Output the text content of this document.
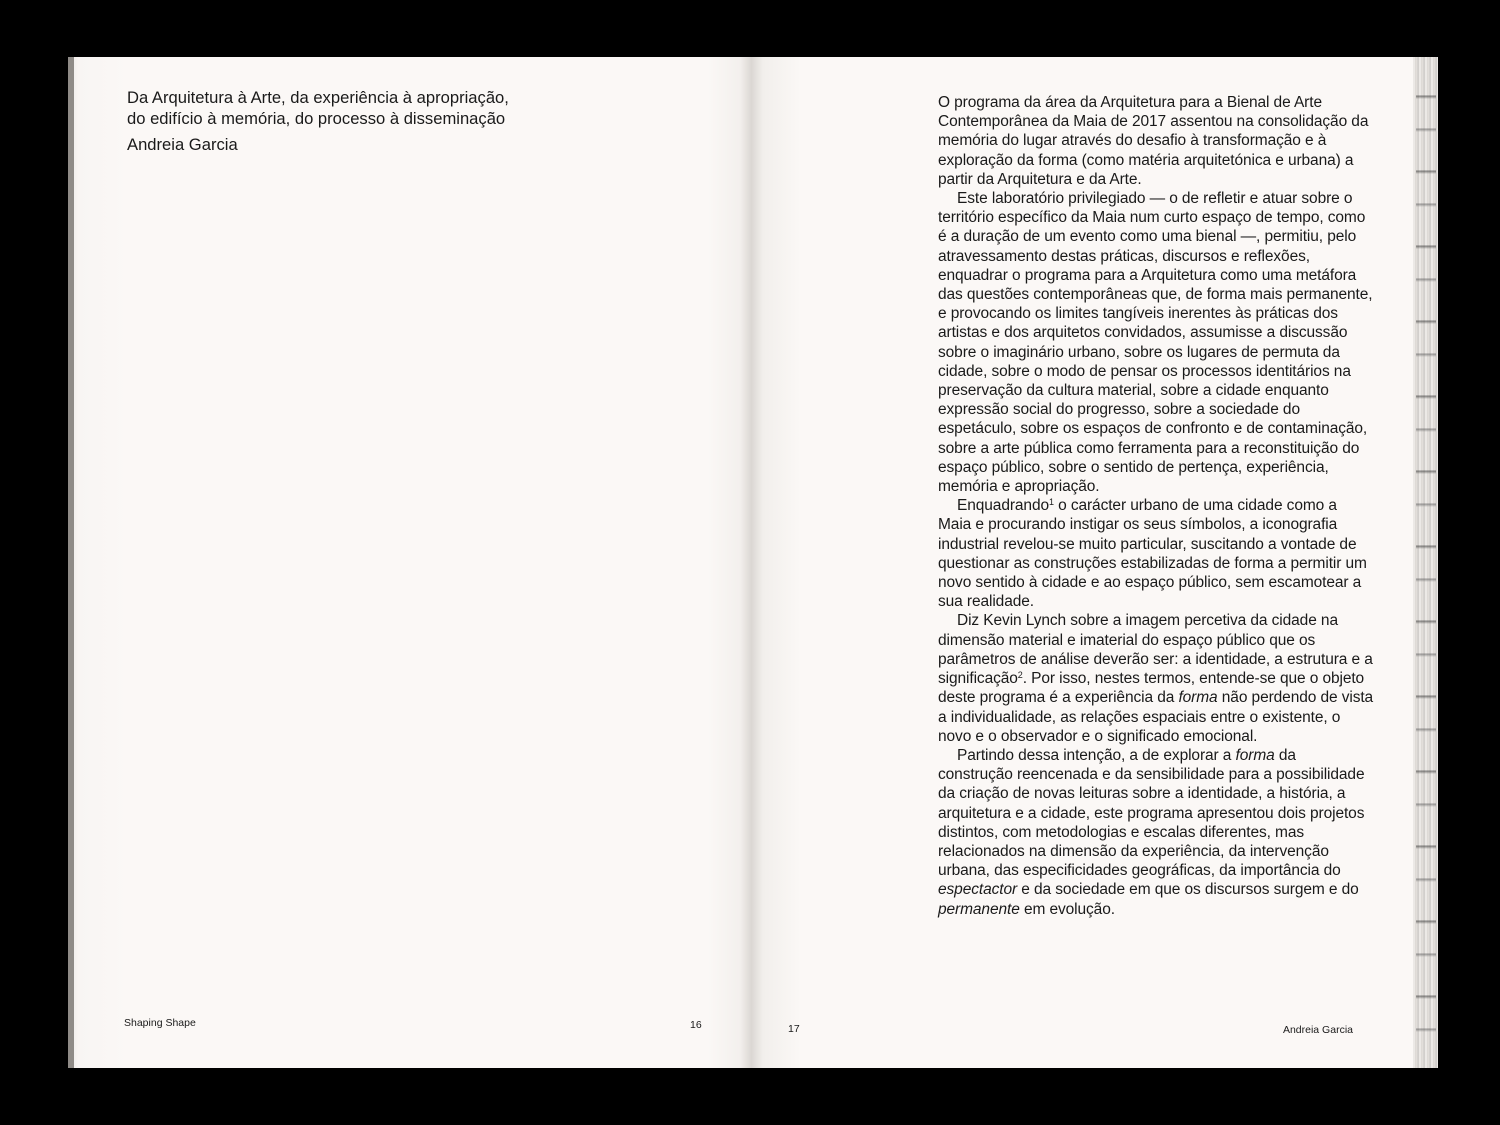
Da Arquitetura à Arte, da experiência à apropriação,
do edifício à memória, do processo à disseminação
Andreia Garcia
Shaping Shape	16

O programa da área da Arquitetura para a Bienal de Arte Contemporânea da Maia de 2017 assentou na consolidação da memória do lugar através do desafio à transformação e à exploração da forma (como matéria arquitetónica e urbana) a partir da Arquitetura e da Arte.

Este laboratório privilegiado — o de refletir e atuar sobre o território específico da Maia num curto espaço de tempo, como é a duração de um evento como uma bienal —, permitiu, pelo atravessamento destas práticas, discursos e reflexões, enquadrar o programa para a Arquitetura como uma metáfora das questões contemporâneas que, de forma mais permanente, e provocando os limites tangíveis inerentes às práticas dos artistas e dos arquitetos convidados, assumisse a discussão sobre o imaginário urbano, sobre os lugares de permuta da cidade, sobre o modo de pensar os processos identitários na preservação da cultura material, sobre a cidade enquanto expressão social do progresso, sobre a sociedade do espetáculo, sobre os espaços de confronto e de contaminação, sobre a arte pública como ferramenta para a reconstituição do espaço público, sobre o sentido de pertença, experiência, memória e apropriação.

Enquadrando$^1$ o carácter urbano de uma cidade como a Maia e procurando instigar os seus símbolos, a iconografia industrial revelou-se muito particular, suscitando a vontade de questionar as construções estabilizadas de forma a permitir um novo sentido à cidade e ao espaço público, sem escamotear a sua realidade.

Diz Kevin Lynch sobre a imagem percetiva da cidade na dimensão material e imaterial do espaço público que os parâmetros de análise deverão ser: a identidade, a estrutura e a significação$^2$. Por isso, nestes termos, entende-se que o objeto deste programa é a experiência da forma não perdendo de vista a individualidade, as relações espaciais entre o existente, o novo e o observador e o significado emocional.

Partindo dessa intenção, a de explorar a forma da construção reencenada e da sensibilidade para a possibilidade da criação de novas leituras sobre a identidade, a história, a arquitetura e a cidade, este programa apresentou dois projetos distintos, com metodologias e escalas diferentes, mas relacionados na dimensão da experiência, da intervenção urbana, das especificidades geográficas, da importância do espectactor e da sociedade em que os discursos surgem e do permanente em evolução.

17	Andreia Garcia
